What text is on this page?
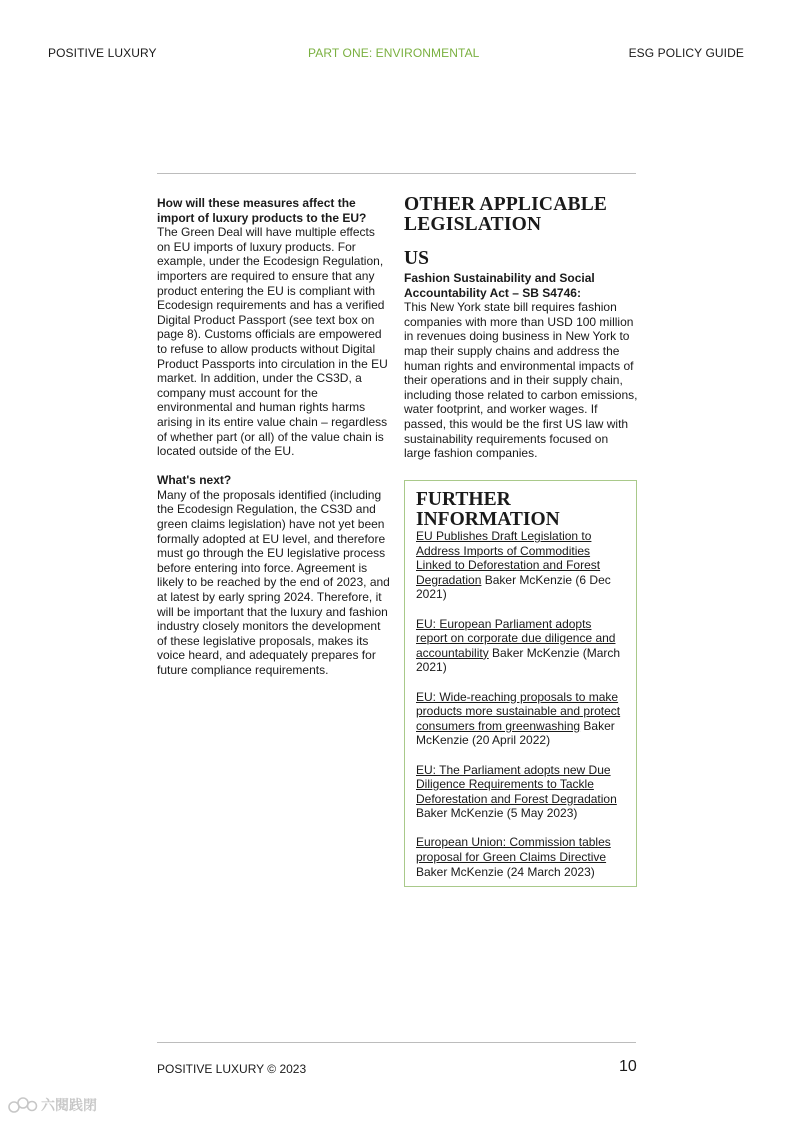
POSITIVE LUXURY	PART ONE: ENVIRONMENTAL	ESG POLICY GUIDE

How will these measures affect the import of luxury products to the EU?
The Green Deal will have multiple effects on EU imports of luxury products. For example, under the Ecodesign Regulation, importers are required to ensure that any product entering the EU is compliant with Ecodesign requirements and has a verified Digital Product Passport (see text box on page 8). Customs officials are empowered to refuse to allow products without Digital Product Passports into circulation in the EU market. In addition, under the CS3D, a company must account for the environmental and human rights harms arising in its entire value chain – regardless of whether part (or all) of the value chain is located outside of the EU.

What's next?
Many of the proposals identified (including the Ecodesign Regulation, the CS3D and green claims legislation) have not yet been formally adopted at EU level, and therefore must go through the EU legislative process before entering into force. Agreement is likely to be reached by the end of 2023, and at latest by early spring 2024. Therefore, it will be important that the luxury and fashion industry closely monitors the development of these legislative proposals, makes its voice heard, and adequately prepares for future compliance requirements.

OTHER APPLICABLE LEGISLATION
US
Fashion Sustainability and Social Accountability Act – SB S4746:
This New York state bill requires fashion companies with more than USD 100 million in revenues doing business in New York to map their supply chains and address the human rights and environmental impacts of their operations and in their supply chain, including those related to carbon emissions, water footprint, and worker wages. If passed, this would be the first US law with sustainability requirements focused on large fashion companies.
FURTHER INFORMATION
EU Publishes Draft Legislation to Address Imports of Commodities Linked to Deforestation and Forest Degradation Baker McKenzie (6 Dec 2021)
EU: European Parliament adopts report on corporate due diligence and accountability Baker McKenzie (March 2021)
EU: Wide-reaching proposals to make products more sustainable and protect consumers from greenwashing Baker McKenzie (20 April 2022)
EU: The Parliament adopts new Due Diligence Requirements to Tackle Deforestation and Forest Degradation Baker McKenzie (5 May 2023)
European Union: Commission tables proposal for Green Claims Directive Baker McKenzie (24 March 2023)
POSITIVE LUXURY © 2023	10
六閱践閉
